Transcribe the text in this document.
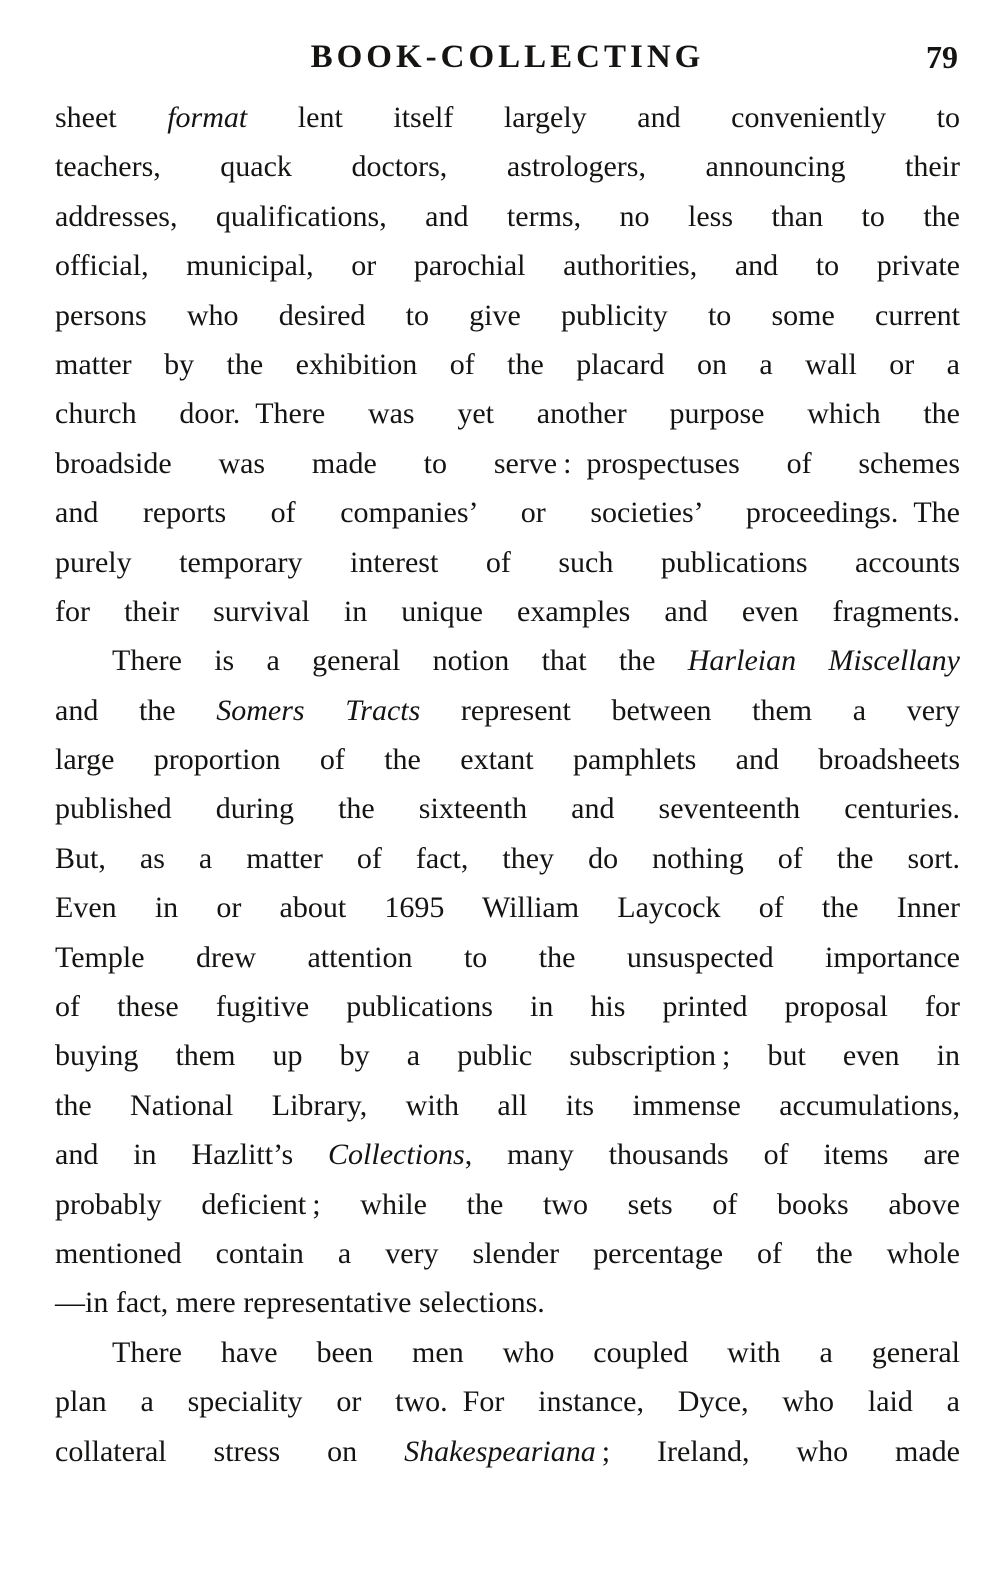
BOOK-COLLECTING	79
sheet format lent itself largely and conveniently to
teachers, quack doctors, astrologers, announcing their
addresses, qualifications, and terms, no less than to the
official, municipal, or parochial authorities, and to private
persons who desired to give publicity to some current
matter by the exhibition of the placard on a wall or a
church door. There was yet another purpose which the
broadside was made to serve : prospectuses of schemes
and reports of companies’ or societies’ proceedings. The
purely temporary interest of such publications accounts
for their survival in unique examples and even fragments.
There is a general notion that the Harleian Miscellany
and the Somers Tracts represent between them a very
large proportion of the extant pamphlets and broadsheets
published during the sixteenth and seventeenth centuries.
But, as a matter of fact, they do nothing of the sort.
Even in or about 1695 William Laycock of the Inner
Temple drew attention to the unsuspected importance
of these fugitive publications in his printed proposal for
buying them up by a public subscription ; but even in
the National Library, with all its immense accumulations,
and in Hazlitt’s Collections, many thousands of items are
probably deficient ; while the two sets of books above
mentioned contain a very slender percentage of the whole
—in fact, mere representative selections.
There have been men who coupled with a general
plan a speciality or two. For instance, Dyce, who laid a
collateral stress on Shakespeariana ; Ireland, who made
